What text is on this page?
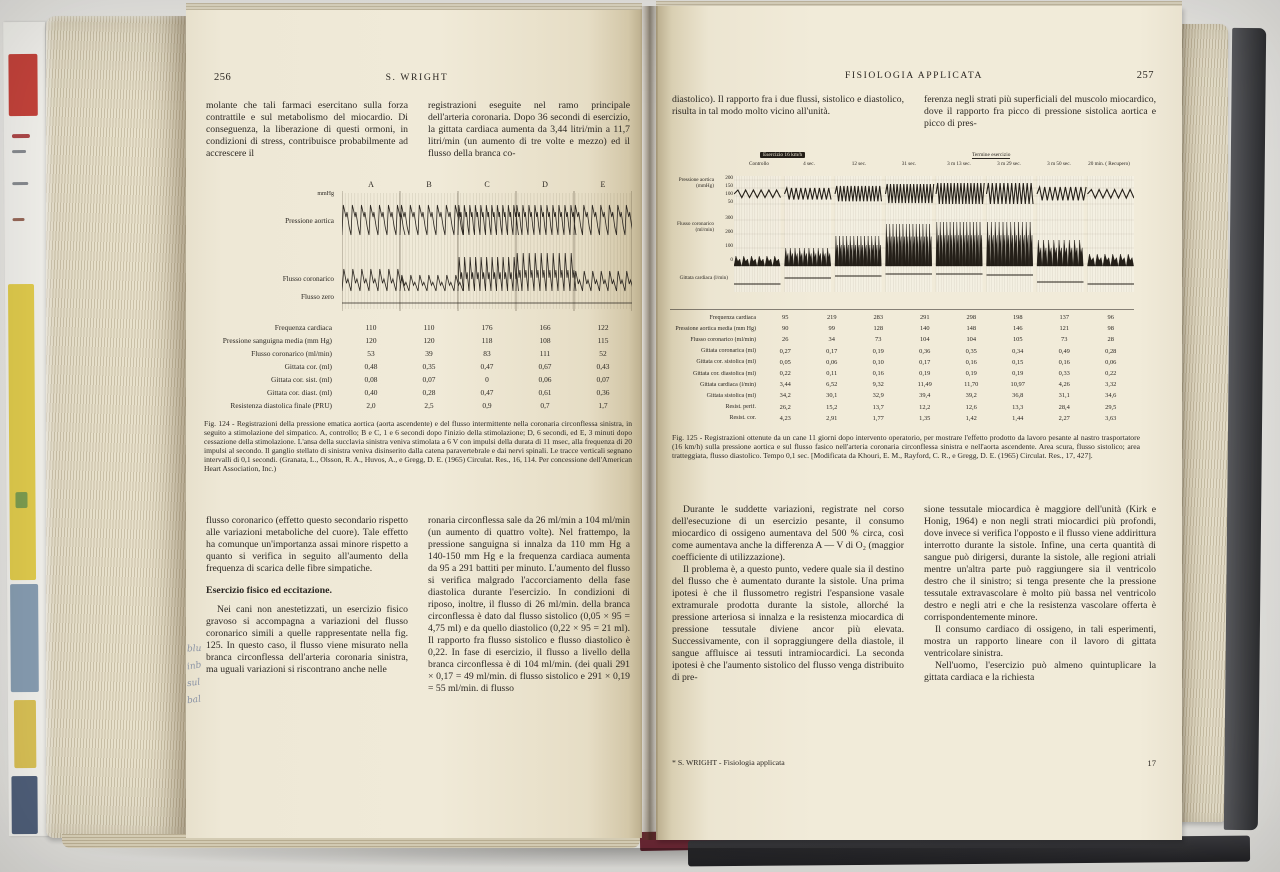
blu
inb
sul
bal
256	S. WRIGHT

molante che tali farmaci esercitano sulla forza contrattile e sul metabolismo del miocardio. Di conseguenza, la liberazione di questi ormoni, in condizioni di stress, contribuisce probabilmente ad accrescere il

registrazioni eseguite nel ramo principale dell'arteria coronaria. Dopo 36 secondi di esercizio, la gittata cardiaca aumenta da 3,44 litri/min a 11,7 litri/min (un aumento di tre volte e mezzo) ed il flusso della branca co-

A	B	C	D	E
mmHg
Pressione aortica
Flusso coronarico
Flusso zero
Frequenza cardiaca	110	110	176	166	122
Pressione sanguigna media (mm Hg)	120	120	118	108	115
Flusso coronarico (ml/min)	53	39	83	111	52
Gittata cor. (ml)	0,48	0,35	0,47	0,67	0,43
Gittata cor. sist. (ml)	0,08	0,07	0	0,06	0,07
Gittata cor. diast. (ml)	0,40	0,28	0,47	0,61	0,36
Resistenza diastolica finale (PRU)	2,0	2,5	0,9	0,7	1,7

Fig. 124 - Registrazioni della pressione ematica aortica (aorta ascendente) e del flusso intermittente nella coronaria circonflessa sinistra, in seguito a stimolazione del simpatico. A, controllo; B e C, 1 e 6 secondi dopo l'inizio della stimolazione; D, 6 secondi, ed E, 3 minuti dopo cessazione della stimolazione. L'ansa della succlavia sinistra veniva stimolata a 6 V con impulsi della durata di 11 msec, alla frequenza di 20 impulsi al secondo. Il ganglio stellato di sinistra veniva disinserito dalla catena paravertebrale e dai nervi spinali. Le tracce verticali segnano intervalli di 0,1 secondi. (Granata, L., Olsson, R. A., Huvos, A., e Gregg, D. E. (1965) Circulat. Res., 16, 114. Per concessione dell'American Heart Association, Inc.)

flusso coronarico (effetto questo secondario rispetto alle variazioni metaboliche del cuore). Tale effetto ha comunque un'importanza assai minore rispetto a quanto si verifica in seguito all'aumento della frequenza di scarica delle fibre simpatiche.

Esercizio fisico ed eccitazione.

Nei cani non anestetizzati, un esercizio fisico gravoso si accompagna a variazioni del flusso coronarico simili a quelle rappresentate nella fig. 125. In questo caso, il flusso viene misurato nella branca circonflessa dell'arteria coronaria sinistra, ma uguali variazioni si riscontrano anche nelle

ronaria circonflessa sale da 26 ml/min a 104 ml/min (un aumento di quattro volte). Nel frattempo, la pressione sanguigna si innalza da 110 mm Hg a 140-150 mm Hg e la frequenza cardiaca aumenta da 95 a 291 battiti per minuto. L'aumento del flusso si verifica malgrado l'accorciamento della fase diastolica durante l'esercizio. In condizioni di riposo, inoltre, il flusso di 26 ml/min. della branca circonflessa è dato dal flusso sistolico (0,05 × 95 = 4,75 ml) e da quello diastolico (0,22 × 95 = 21 ml). Il rapporto fra flusso sistolico e flusso diastolico è 0,22. In fase di esercizio, il flusso a livello della branca circonflessa è di 104 ml/min. (dei quali 291 × 0,17 = 49 ml/min. di flusso sistolico e 291 × 0,19 = 55 ml/min. di flusso

FISIOLOGIA APPLICATA	257

diastolico). Il rapporto fra i due flussi, sistolico e diastolico, risulta in tal modo molto vicino all'unità.

ferenza negli strati più superficiali del muscolo miocardico, dove il rapporto fra picco di pressione sistolica aortica e picco di pres-

Esercizio 16 km/h	Termine esercizio
Controllo	4 sec.	12 sec.	31 sec.	3 m 13 sec.	3 m 29 sec.	3 m 50 sec.	20 min. ( Recupero)
Pressione aortica (mmHg)
200
150
100
50
Flusso coronarico (ml/min)
300
200
100
0
Gittata cardiaca (l/min)
Frequenza cardiaca	95	219	283	291	298	198	137	96
Pressione aortica media (mm Hg)	90	99	128	140	148	146	121	98
Flusso coronarico (ml/min)	26	34	73	104	104	105	73	28
Gittata coronarica (ml)	0,27	0,17	0,19	0,36	0,35	0,34	0,49	0,28
Gittata cor. sistolica (ml)	0,05	0,06	0,10	0,17	0,16	0,15	0,16	0,06
Gittata cor. diastolica (ml)	0,22	0,11	0,16	0,19	0,19	0,19	0,33	0,22
Gittata cardiaca (l/min)	3,44	6,52	9,32	11,49	11,70	10,97	4,26	3,32
Gittata sistolica (ml)	34,2	30,1	32,9	39,4	39,2	36,8	31,1	34,6
Resist. perif.	26,2	15,2	13,7	12,2	12,6	13,3	28,4	29,5
Resist. cor.	4,23	2,91	1,77	1,35	1,42	1,44	2,27	3,63

Fig. 125 - Registrazioni ottenute da un cane 11 giorni dopo intervento operatorio, per mostrare l'effetto prodotto da lavoro pesante al nastro trasportatore (16 km/h) sulla pressione aortica e sul flusso fasico nell'arteria coronaria circonflessa sinistra e nell'aorta ascendente. Area scura, flusso sistolico; area tratteggiata, flusso diastolico. Tempo 0,1 sec. [Modificata da Khouri, E. M., Rayford, C. R., e Gregg, D. E. (1965) Circulat. Res., 17, 427].

Durante le suddette variazioni, registrate nel corso dell'esecuzione di un esercizio pesante, il consumo miocardico di ossigeno aumentava del 500 % circa, così come aumentava anche la differenza A — V di O₂ (maggior coefficiente di utilizzazione).

Il problema è, a questo punto, vedere quale sia il destino del flusso che è aumentato durante la sistole. Una prima ipotesi è che il flussometro registri l'espansione vasale extramurale prodotta durante la sistole, allorché la pressione arteriosa si innalza e la resistenza miocardica di pressione tessutale diviene ancor più elevata. Successivamente, con il sopraggiungere della diastole, il sangue affluisce ai tessuti intramiocardici. La seconda ipotesi è che l'aumento sistolico del flusso venga distribuito di pre-

sione tessutale miocardica è maggiore dell'unità (Kirk e Honig, 1964) e non negli strati miocardici più profondi, dove invece si verifica l'opposto e il flusso viene addirittura interrotto durante la sistole. Infine, una certa quantità di sangue può dirigersi, durante la sistole, alle regioni atriali mentre un'altra parte può raggiungere sia il ventricolo destro che il sinistro; si tenga presente che la pressione tessutale extravascolare è molto più bassa nel ventricolo destro e negli atri e che la resistenza vascolare offerta è corrispondentemente minore.

Il consumo cardiaco di ossigeno, in tali esperimenti, mostra un rapporto lineare con il lavoro di gittata ventricolare sinistra.

Nell'uomo, l'esercizio può almeno quintuplicare la gittata cardiaca e la richiesta

* S. WRIGHT - Fisiologia applicata	17
